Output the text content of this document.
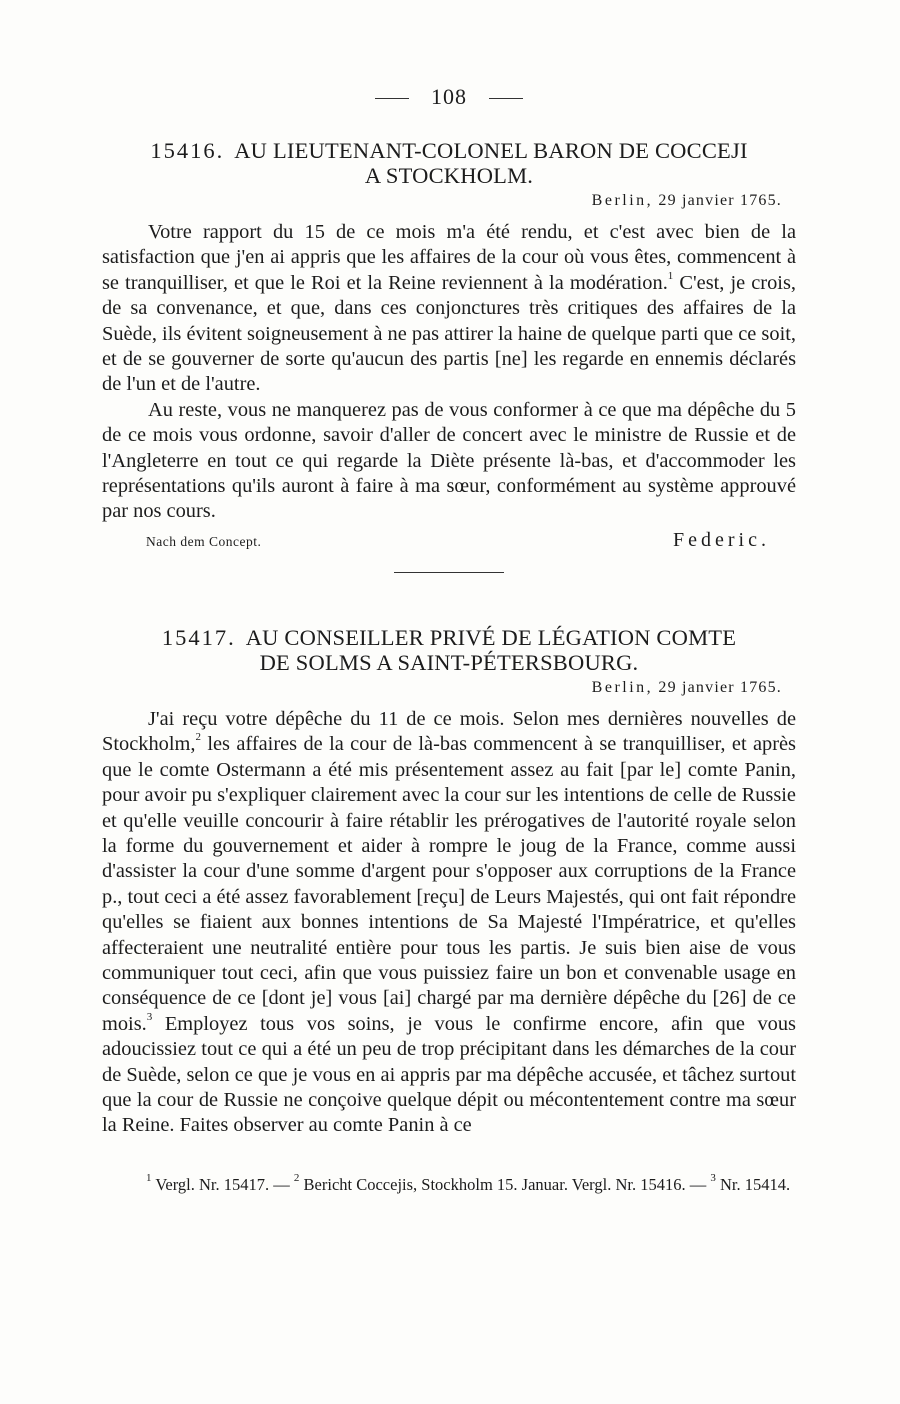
108
15416. AU LIEUTENANT-COLONEL BARON DE COCCEJI
A STOCKHOLM.
Berlin, 29 janvier 1765.

Votre rapport du 15 de ce mois m'a été rendu, et c'est avec bien de la satisfaction que j'en ai appris que les affaires de la cour où vous êtes, commencent à se tranquilliser, et que le Roi et la Reine reviennent à la modération.$^1$ C'est, je crois, de sa convenance, et que, dans ces conjonctures très critiques des affaires de la Suède, ils évitent soigneusement à ne pas attirer la haine de quelque parti que ce soit, et de se gouverner de sorte qu'aucun des partis [ne] les regarde en ennemis déclarés de l'un et de l'autre.

Au reste, vous ne manquerez pas de vous conformer à ce que ma dépêche du 5 de ce mois vous ordonne, savoir d'aller de concert avec le ministre de Russie et de l'Angleterre en tout ce qui regarde la Diète présente là-bas, et d'accommoder les représentations qu'ils auront à faire à ma sœur, conformément au système approuvé par nos cours.

Nach dem Concept.	Federic.
15417. AU CONSEILLER PRIVÉ DE LÉGATION COMTE
DE SOLMS A SAINT-PÉTERSBOURG.
Berlin, 29 janvier 1765.

J'ai reçu votre dépêche du 11 de ce mois. Selon mes dernières nouvelles de Stockholm,$^2$ les affaires de la cour de là-bas commencent à se tranquilliser, et après que le comte Ostermann a été mis présentement assez au fait [par le] comte Panin, pour avoir pu s'expliquer clairement avec la cour sur les intentions de celle de Russie et qu'elle veuille concourir à faire rétablir les prérogatives de l'autorité royale selon la forme du gouvernement et aider à rompre le joug de la France, comme aussi d'assister la cour d'une somme d'argent pour s'opposer aux corruptions de la France p., tout ceci a été assez favorablement [reçu] de Leurs Majestés, qui ont fait répondre qu'elles se fiaient aux bonnes intentions de Sa Majesté l'Impératrice, et qu'elles affecteraient une neutralité entière pour tous les partis. Je suis bien aise de vous communiquer tout ceci, afin que vous puissiez faire un bon et convenable usage en conséquence de ce [dont je] vous [ai] chargé par ma dernière dépêche du [26] de ce mois.$^3$ Employez tous vos soins, je vous le confirme encore, afin que vous adoucissiez tout ce qui a été un peu de trop précipitant dans les démarches de la cour de Suède, selon ce que je vous en ai appris par ma dépêche accusée, et tâchez surtout que la cour de Russie ne conçoive quelque dépit ou mécontentement contre ma sœur la Reine. Faites observer au comte Panin à ce

$^1$ Vergl. Nr. 15417. — $^2$ Bericht Coccejis, Stockholm 15. Januar. Vergl. Nr. 15416. — $^3$ Nr. 15414.
